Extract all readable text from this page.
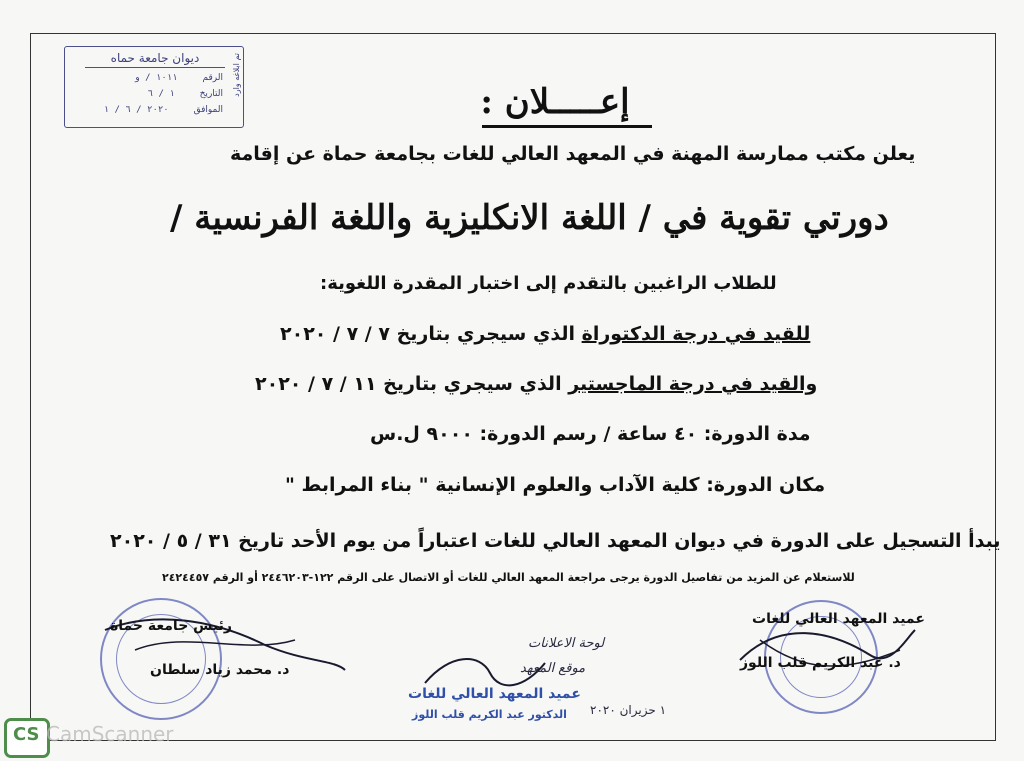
ديوان جامعة حماه	تم ابلاغه وارد
الرقم ١٠١١ / و
التاريخ ١ / ٦
الموافق ٢٠٢٠ / ٦ / ١	إعـــــلان :
يعلن مكتب ممارسة المهنة في المعهد العالي للغات بجامعة حماة عن إقامة
دورتي تقوية في / اللغة الانكليزية واللغة الفرنسية /
للطلاب الراغبين بالتقدم إلى اختبار المقدرة اللغوية:
للقيد في درجة الدكتوراة الذي سيجري بتاريخ ٧ / ٧ / ٢٠٢٠
والقيد في درجة الماجستير الذي سيجري بتاريخ ١١ / ٧ / ٢٠٢٠
مدة الدورة: ٤٠ ساعة / رسم الدورة: ٩٠٠٠ ل.س
مكان الدورة: كلية الآداب والعلوم الإنسانية " بناء المرابط "
يبدأ التسجيل على الدورة في ديوان المعهد العالي للغات اعتباراً من يوم الأحد تاريخ ٣١ / ٥ / ٢٠٢٠
للاستعلام عن المزيد من تفاصيل الدورة يرجى مراجعة المعهد العالي للغات أو الاتصال على الرقم ١٢٢-٢٤٤٦٢٠٣ أو الرقم ٢٤٢٤٤٥٧
رئيس جامعة حماة
د. محمد زياد سلطان
عميد المعهد العالي للغات
د. عبد الكريم قلب اللوز
لوحة الاعلانات
موقع المعهد
عميد المعهد العالي للغات
الدكتور عبد الكريم قلب اللوز ١ حزيران ٢٠٢٠
CS CamScanner
